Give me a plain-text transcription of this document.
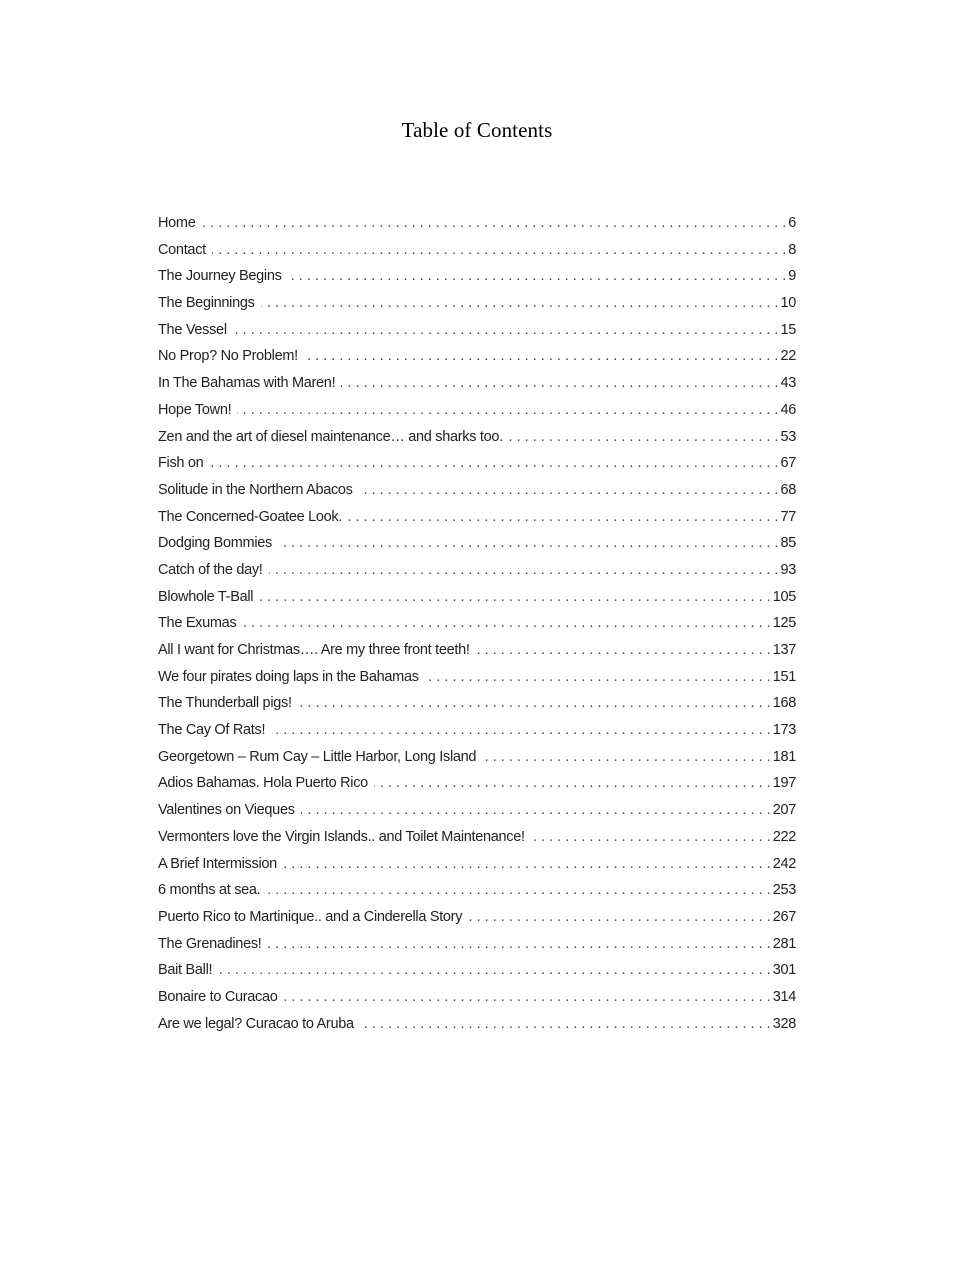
Table of Contents
Home . . .	6
Contact . . .	8
The Journey Begins . . .	9
The Beginnings . . .	10
The Vessel . . .	15
No Prop? No Problem! . . .	22
In The Bahamas with Maren! . . .	43
Hope Town! . . .	46
Zen and the art of diesel maintenance… and sharks too. . . .	53
Fish on . . .	67
Solitude in the Northern Abacos . . .	68
The Concerned-Goatee Look. . . .	77
Dodging Bommies . . .	85
Catch of the day! . . .	93
Blowhole T-Ball . . .	105
The Exumas . . .	125
All I want for Christmas…. Are my three front teeth! . . .	137
We four pirates doing laps in the Bahamas . . .	151
The Thunderball pigs! . . .	168
The Cay Of Rats! . . .	173
Georgetown – Rum Cay – Little Harbor, Long Island . . .	181
Adios Bahamas. Hola Puerto Rico . . .	197
Valentines on Vieques . . .	207
Vermonters love the Virgin Islands.. and Toilet Maintenance! . . .	222
A Brief Intermission . . .	242
6 months at sea. . . .	253
Puerto Rico to Martinique.. and a Cinderella Story . . .	267
The Grenadines! . . .	281
Bait Ball! . . .	301
Bonaire to Curacao . . .	314
Are we legal? Curacao to Aruba . . .	328
